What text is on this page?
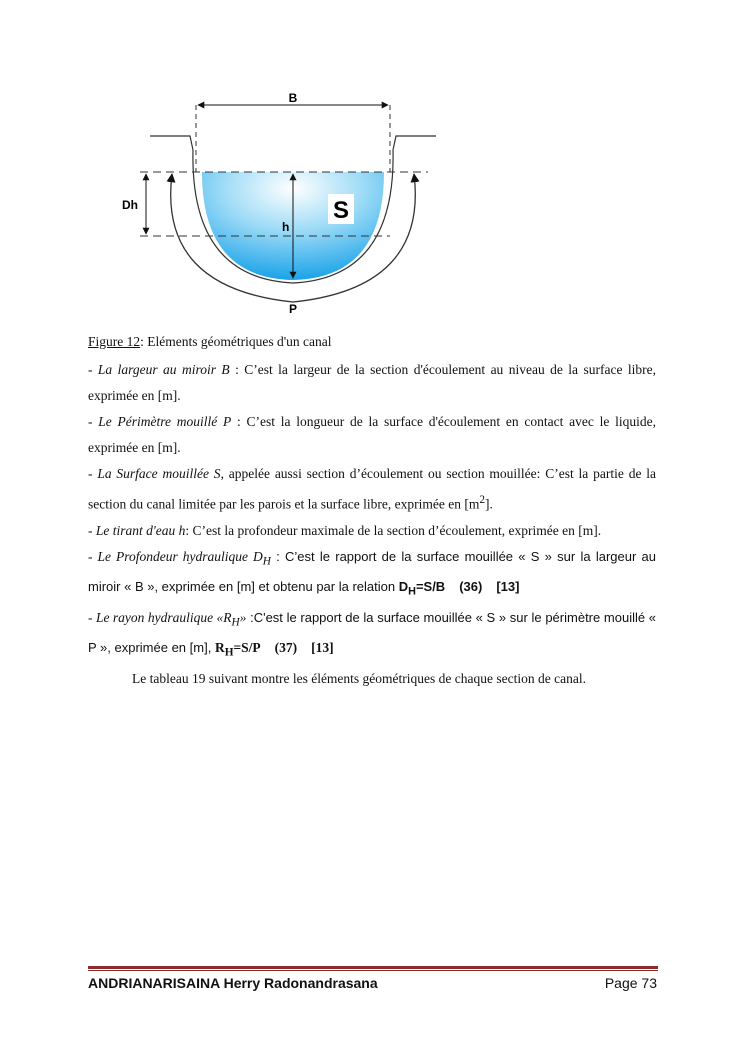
B
Dh
h
S
P
Figure 12: Eléments géométriques d'un canal

- La largeur au miroir B : C’est la largeur de la section d'écoulement au niveau de la surface libre, exprimée en [m].

- Le Périmètre mouillé P : C’est la longueur de la surface d'écoulement en contact avec le liquide, exprimée en [m].

- La Surface mouillée S, appelée aussi section d’écoulement ou section mouillée: C’est la partie de la section du canal limitée par les parois et la surface libre, exprimée en $[m^2]$.

- Le tirant d'eau h: C’est la profondeur maximale de la section d’écoulement, exprimée en [m].

- Le Profondeur hydraulique $D_H$ : C’est le rapport de la surface mouillée « S » sur la largeur au miroir « B », exprimée en [m] et obtenu par la relation $D_H=S/B$ (36) [13]

- Le rayon hydraulique «$R_H$» :C'est le rapport de la surface mouillée « S » sur le périmètre mouillé « P », exprimée en [m], $R_H=S/P$ (37) [13]

Le tableau 19 suivant montre les éléments géométriques de chaque section de canal.

ANDRIANARISAINA Herry Radonandrasana	Page 73
